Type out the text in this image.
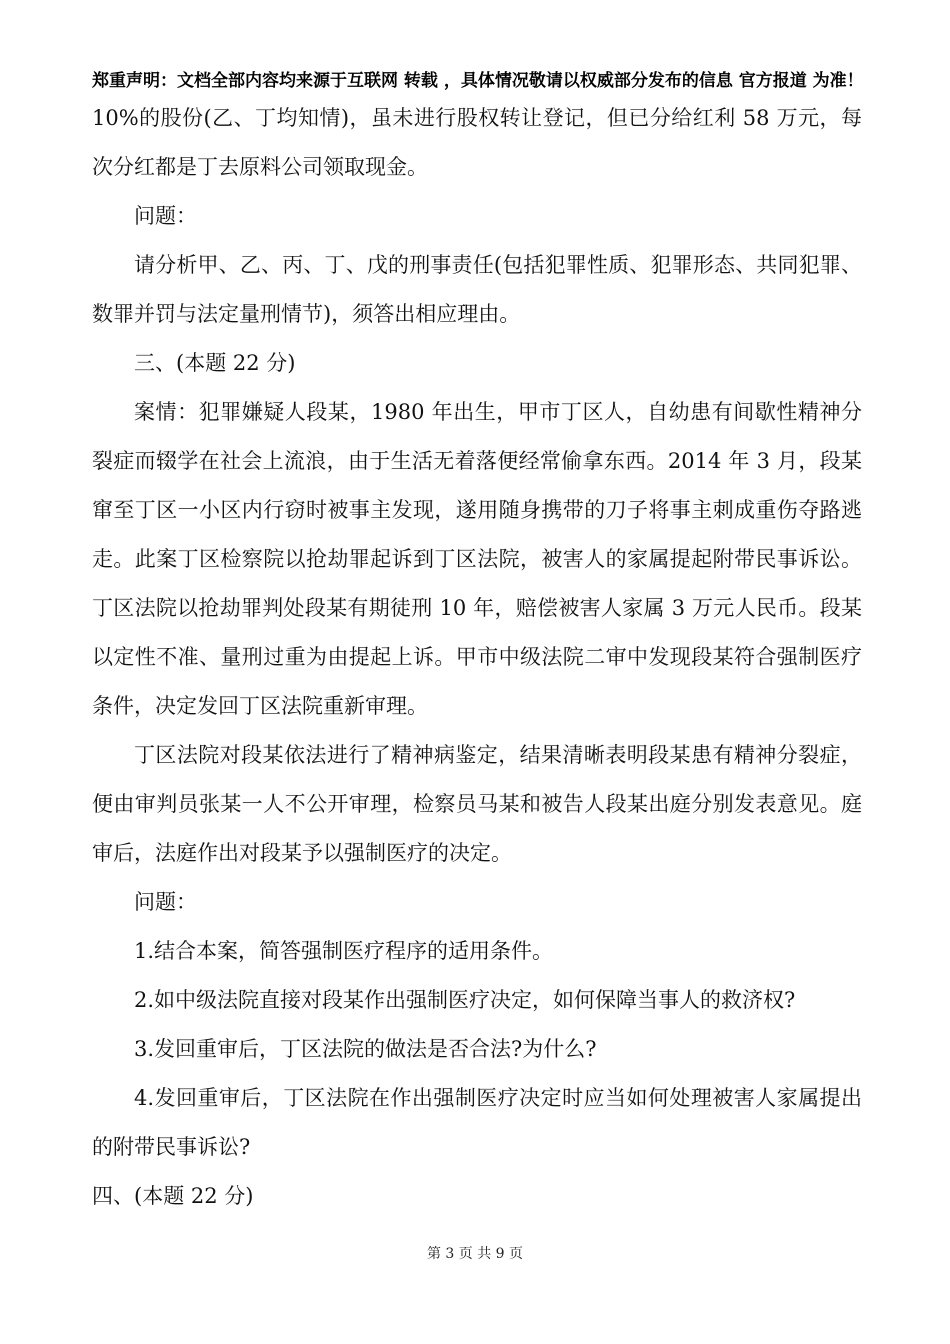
郑重声明：文档全部内容均来源于互联网 转载 ，具体情况敬请以权威部分发布的信息 官方报道 为准！

10%的股份(乙、丁均知情)，虽未进行股权转让登记，但已分给红利 58 万元，每次分红都是丁去原料公司领取现金。

问题：

请分析甲、乙、丙、丁、戊的刑事责任(包括犯罪性质、犯罪形态、共同犯罪、数罪并罚与法定量刑情节)，须答出相应理由。

三、(本题 22 分)

案情：犯罪嫌疑人段某，1980 年出生，甲市丁区人，自幼患有间歇性精神分裂症而辍学在社会上流浪，由于生活无着落便经常偷拿东西。2014 年 3 月，段某窜至丁区一小区内行窃时被事主发现，遂用随身携带的刀子将事主刺成重伤夺路逃走。此案丁区检察院以抢劫罪起诉到丁区法院，被害人的家属提起附带民事诉讼。丁区法院以抢劫罪判处段某有期徒刑 10 年，赔偿被害人家属 3 万元人民币。段某以定性不准、量刑过重为由提起上诉。甲市中级法院二审中发现段某符合强制医疗条件，决定发回丁区法院重新审理。

丁区法院对段某依法进行了精神病鉴定，结果清晰表明段某患有精神分裂症，便由审判员张某一人不公开审理，检察员马某和被告人段某出庭分别发表意见。庭审后，法庭作出对段某予以强制医疗的决定。

问题：

1.结合本案，简答强制医疗程序的适用条件。

2.如中级法院直接对段某作出强制医疗决定，如何保障当事人的救济权?

3.发回重审后，丁区法院的做法是否合法?为什么?

4.发回重审后，丁区法院在作出强制医疗决定时应当如何处理被害人家属提出的附带民事诉讼?

四、(本题 22 分)

第 3 页 共 9 页
